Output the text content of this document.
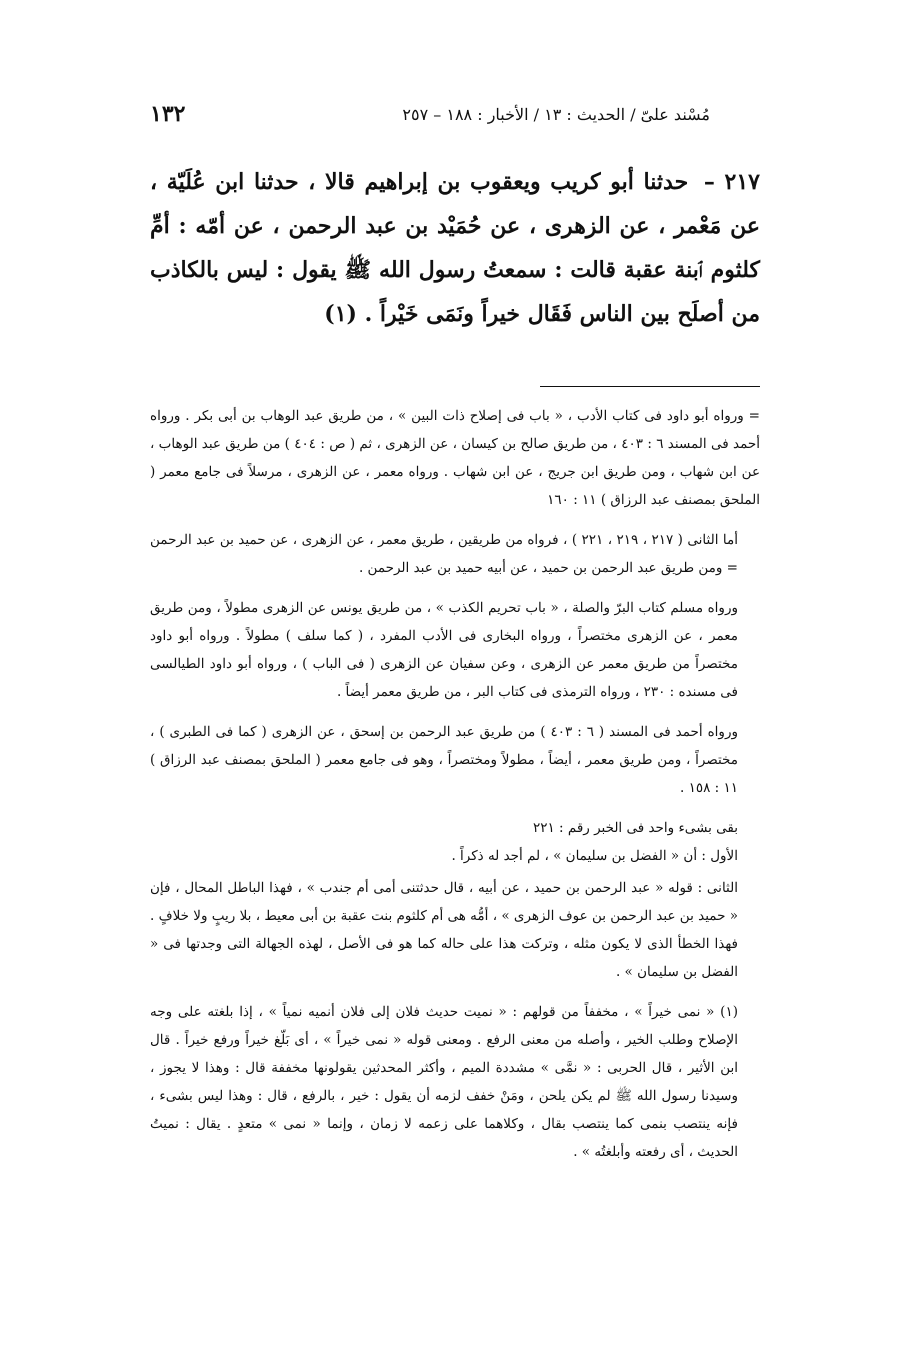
مُسْند علىّ / الحديث : ١٣ / الأخبار : ١٨٨ – ٢٥٧
١٣٢
٢١٧ – حدثنا أبو كريب ويعقوب بن إبراهيم قالا ، حدثنا ابن عُلَيّة ، عن مَعْمر ، عن الزهرى ، عن حُمَيْد بن عبد الرحمن ، عن أمّه : أمِّ كلثوم ٱبنة عقبة قالت : سمعتُ رسول الله ﷺ يقول : ليس بالكاذب من أصلَح بين الناس فَقَال خيراً ونَمَى خَيْراً . (١)

= ورواه أبو داود فى كتاب الأدب ، « باب فى إصلاح ذات البين » ، من طريق عبد الوهاب بن أبى بكر . ورواه أحمد فى المسند ٦ : ٤٠٣ ، من طريق صالح بن كيسان ، عن الزهرى ، ثم ( ص : ٤٠٤ ) من طريق عبد الوهاب ، عن ابن شهاب ، ومن طريق ابن جريج ، عن ابن شهاب . ورواه معمر ، عن الزهرى ، مرسلاً فى جامع معمر ( الملحق بمصنف عبد الرزاق ) ١١ : ١٦٠

أما الثانى ( ٢١٧ ، ٢١٩ ، ٢٢١ ) ، فرواه من طريقين ، طريق معمر ، عن الزهرى ، عن حميد بن عبد الرحمن = ومن طريق عبد الرحمن بن حميد ، عن أبيه حميد بن عبد الرحمن .

ورواه مسلم كتاب البرّ والصلة ، « باب تحريم الكذب » ، من طريق يونس عن الزهرى مطولاً ، ومن طريق معمر ، عن الزهرى مختصراً ، ورواه البخارى فى الأدب المفرد ، ( كما سلف ) مطولاً . ورواه أبو داود مختصراً من طريق معمر عن الزهرى ، وعن سفيان عن الزهرى ( فى الباب ) ، ورواه أبو داود الطيالسى فى مسنده : ٢٣٠ ، ورواه الترمذى فى كتاب البر ، من طريق معمر أيضاً .

ورواه أحمد فى المسند ( ٦ : ٤٠٣ ) من طريق عبد الرحمن بن إسحق ، عن الزهرى ( كما فى الطبرى ) ، مختصراً ، ومن طريق معمر ، أيضاً ، مطولاً ومختصراً ، وهو فى جامع معمر ( الملحق بمصنف عبد الرزاق ) ١١ : ١٥٨ .

بقى بشىء واحد فى الخبر رقم : ٢٢١

الأول : أن « الفضل بن سليمان » ، لم أجد له ذكراً .

الثانى : قوله « عبد الرحمن بن حميد ، عن أبيه ، قال حدثتنى أمى أم جندب » ، فهذا الباطل المحال ، فإن « حميد بن عبد الرحمن بن عوف الزهرى » ، أمُّه هى أم كلثوم بنت عقبة بن أبى معيط ، بلا ريبٍ ولا خلافٍ . فهذا الخطأ الذى لا يكون مثله ، وتركت هذا على حاله كما هو فى الأصل ، لهذه الجهالة التى وجدتها فى « الفضل بن سليمان » .

(١) « نمى خيراً » ، مخففاً من قولهم : « نميت حديث فلان إلى فلان أنميه نمياً » ، إذا بلغته على وجه الإصلاح وطلب الخير ، وأصله من معنى الرفع . ومعنى قوله « نمى خيراً » ، أى بَلّغ خيراً ورفع خيراً . قال ابن الأثير ، قال الحربى : « نمَّى » مشددة الميم ، وأكثر المحدثين يقولونها مخففة قال : وهذا لا يجوز ، وسيدنا رسول الله ﷺ لم يكن يلحن ، ومَنْ خفف لزمه أن يقول : خير ، بالرفع ، قال : وهذا ليس بشىء ، فإنه ينتصب بنمى كما ينتصب بقال ، وكلاهما على زعمه لا زمان ، وإنما « نمى » متعدٍ . يقال : نميتُ الحديث ، أى رفعته وأبلغتُه » .
